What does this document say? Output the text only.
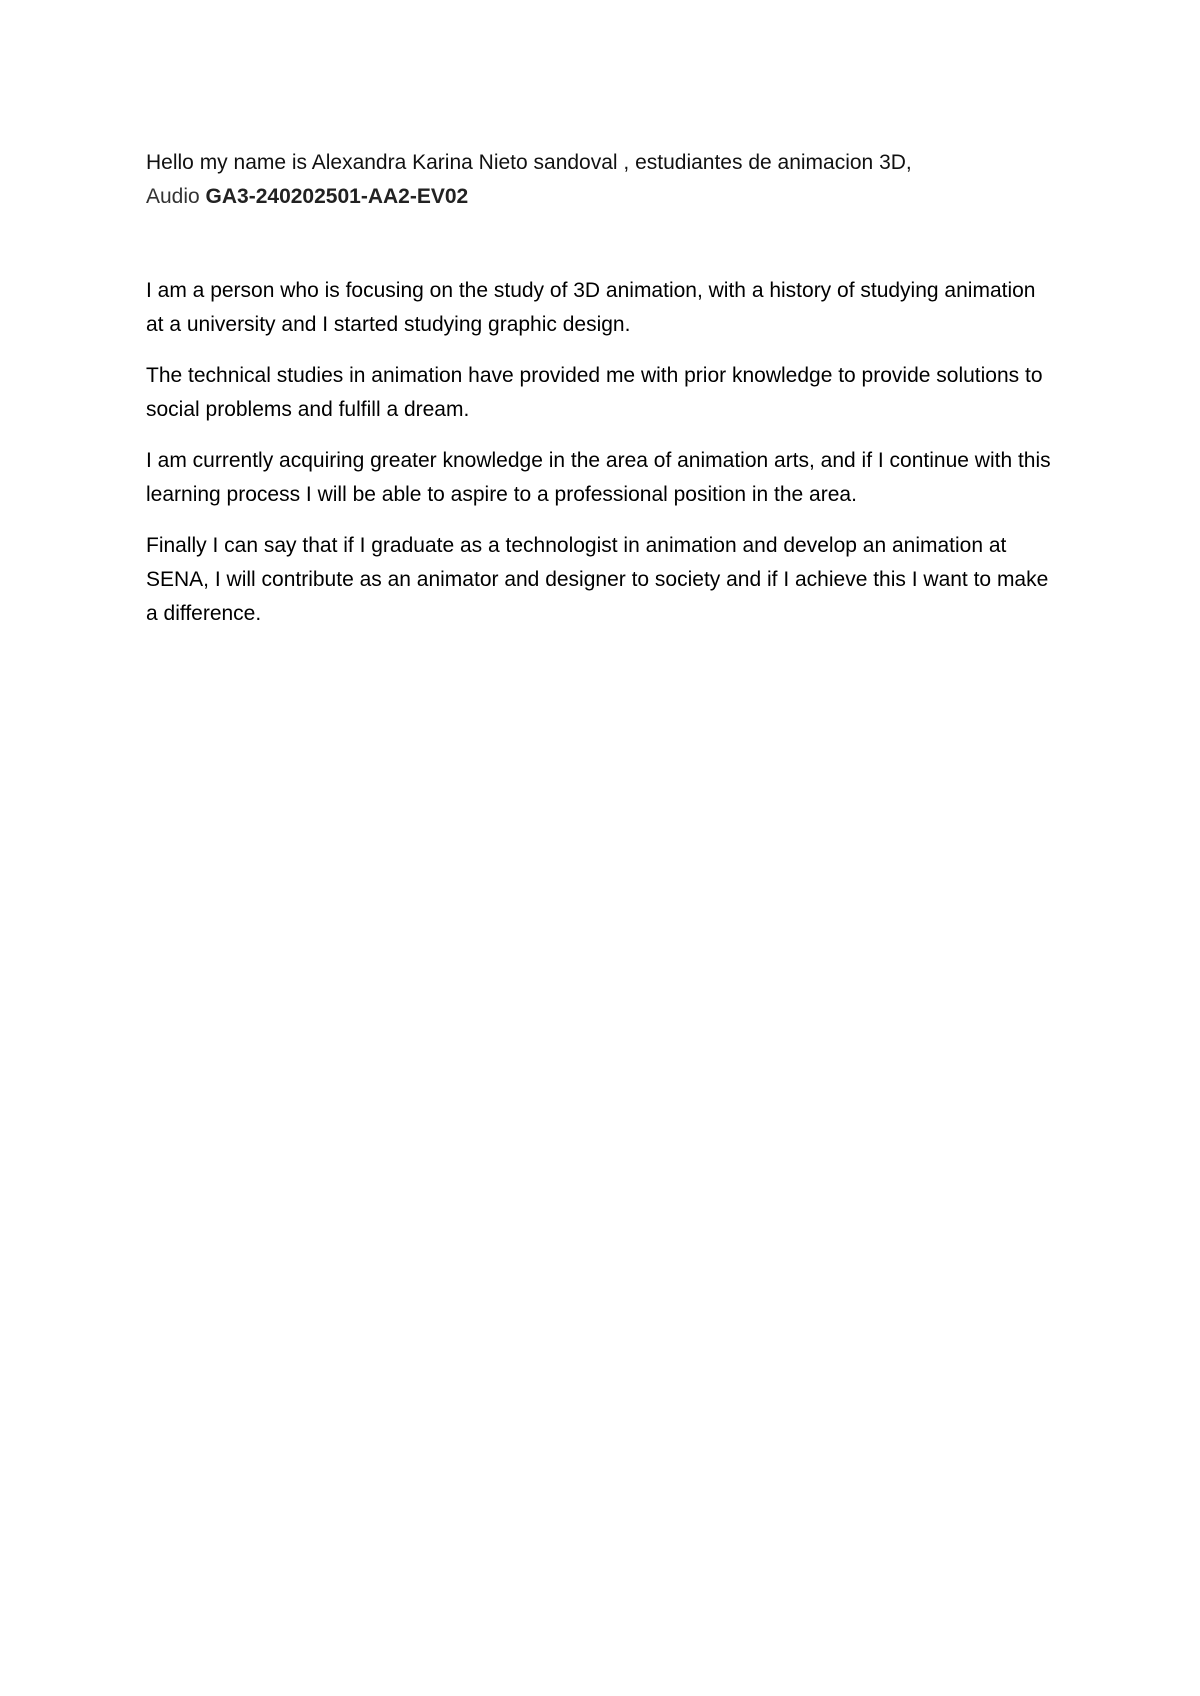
Hello my name is Alexandra Karina Nieto sandoval , estudiantes de animacion 3D,
Audio GA3-240202501-AA2-EV02

I am a person who is focusing on the study of 3D animation, with a history of studying animation at a university and I started studying graphic design.

The technical studies in animation have provided me with prior knowledge to provide solutions to social problems and fulfill a dream.

I am currently acquiring greater knowledge in the area of animation arts, and if I continue with this learning process I will be able to aspire to a professional position in the area.

Finally I can say that if I graduate as a technologist in animation and develop an animation at SENA, I will contribute as an animator and designer to society and if I achieve this I want to make a difference.
